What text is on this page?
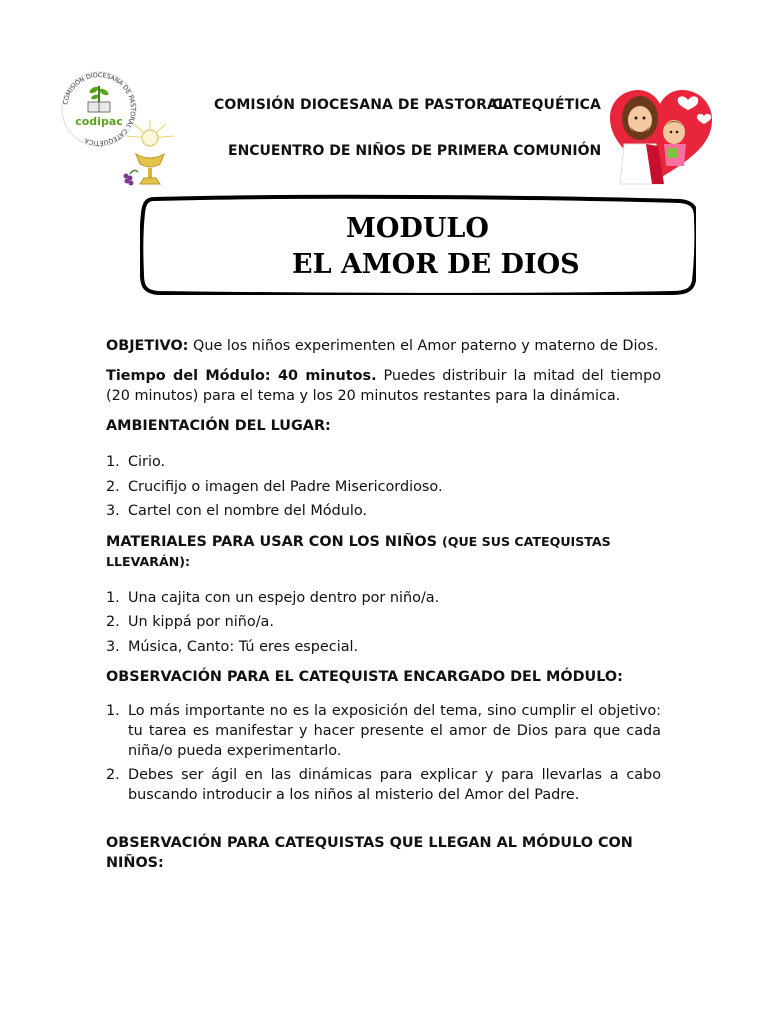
COMISIÓN DIOCESANA DE PASTORAL CATEQUÉTICA
codipac
COMISIÓN DIOCESANA DE PASTORAL
CATEQUÉTICA
ENCUENTRO DE NIÑOS DE PRIMERA COMUNIÓN
MODULO
EL AMOR DE DIOS

OBJETIVO: Que los niños experimenten el Amor paterno y materno de Dios.

Tiempo del Módulo: 40 minutos. Puedes distribuir la mitad del tiempo (20 minutos) para el tema y los 20 minutos restantes para la dinámica.

AMBIENTACIÓN DEL LUGAR:

1. Cirio.
2. Crucifijo o imagen del Padre Misericordioso.
3. Cartel con el nombre del Módulo.

MATERIALES PARA USAR CON LOS NIÑOS (QUE SUS CATEQUISTAS LLEVARÁN):

1. Una cajita con un espejo dentro por niño/a.
2. Un kippá por niño/a.
3. Música, Canto: Tú eres especial.

OBSERVACIÓN PARA EL CATEQUISTA ENCARGADO DEL MÓDULO:

1. Lo más importante no es la exposición del tema, sino cumplir el objetivo: tu tarea es manifestar y hacer presente el amor de Dios para que cada niña/o pueda experimentarlo.
2. Debes ser ágil en las dinámicas para explicar y para llevarlas a cabo buscando introducir a los niños al misterio del Amor del Padre.

OBSERVACIÓN PARA CATEQUISTAS QUE LLEGAN AL MÓDULO CON NIÑOS:
